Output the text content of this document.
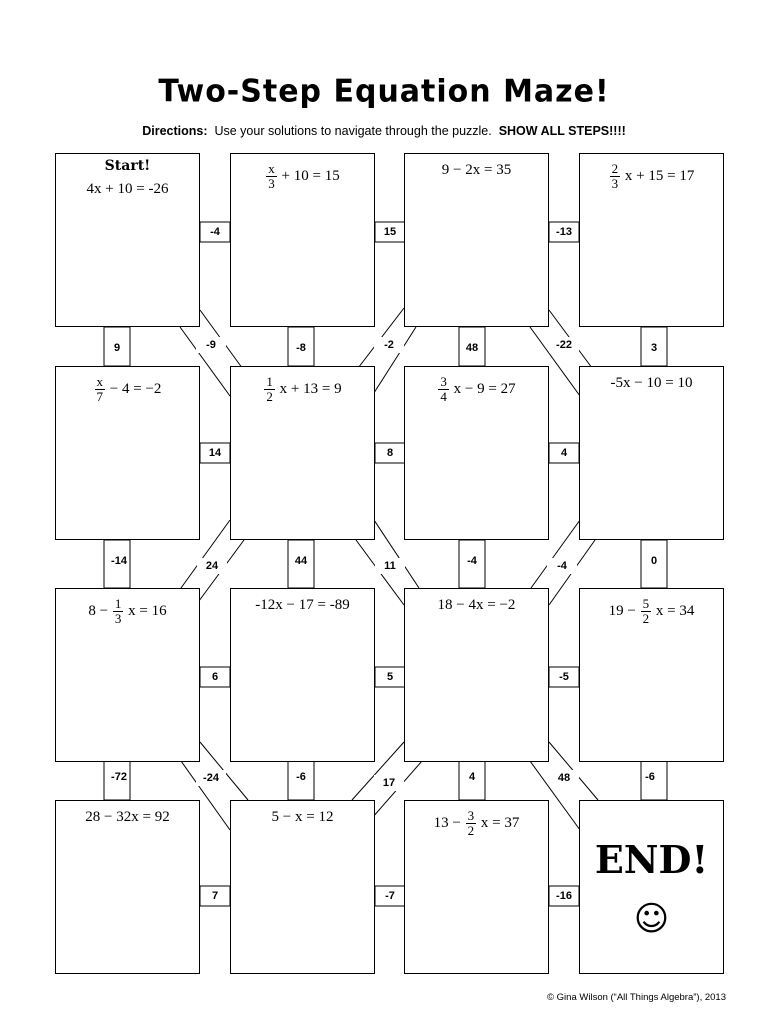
Two-Step Equation Maze!
Directions: Use your solutions to navigate through the puzzle. SHOW ALL STEPS!!!!
Start!
4x + 10 = -26	$\frac{x}{3} + 10 = 15$	9 − 2x = 35	$\frac{2}{3}$ x + 15 = 17
$\frac{x}{7} - 4 = -2$	$\frac{1}{2}$ x + 13 = 9	$\frac{3}{4}$ x − 9 = 27	-5x − 10 = 10
$8 - \frac{1}{3}$ x = 16	-12x − 17 = -89	18 − 4x = −2	$19 - \frac{5}{2}$ x = 34
28 − 32x = 92	5 − x = 12	$13 - \frac{3}{2}$ x = 37
END!
☺
-4	15	-13
14	8	4
6	5	-5
7	-7	-16
9	-8	48	3
-14	44	-4	0
-72	-6	4	-6
-9	-2	-22
24	11	-4
-24	17	48
© Gina Wilson (“All Things Algebra”), 2013
